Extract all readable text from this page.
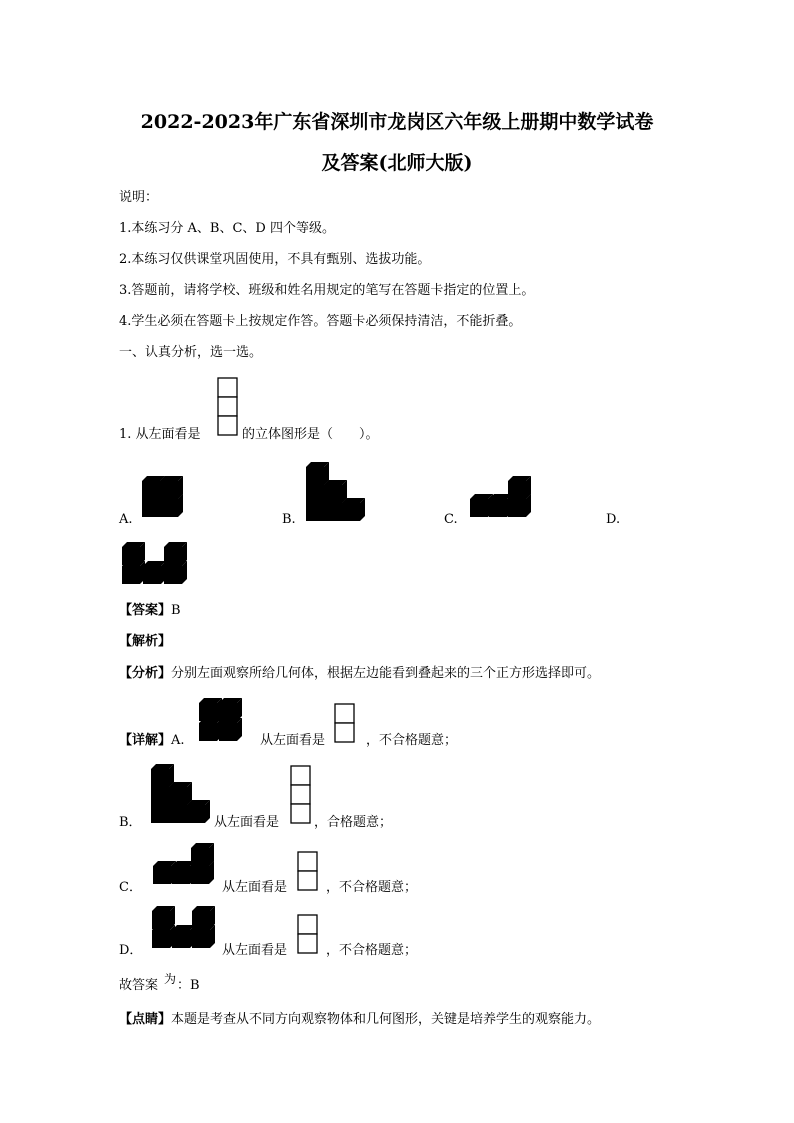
2022-2023年广东省深圳市龙岗区六年级上册期中数学试卷
及答案(北师大版)
说明：
1.本练习分 A、B、C、D 四个等级。
2.本练习仅供课堂巩固使用，不具有甄别、选拔功能。
3.答题前，请将学校、班级和姓名用规定的笔写在答题卡指定的位置上。
4.学生必须在答题卡上按规定作答。答题卡必须保持清洁，不能折叠。
一、认真分析，选一选。
1. 从左面看是	的立体图形是（　　）。
A.	B.	C.	D.
【答案】B
【解析】
【分析】分别左面观察所给几何体，根据左边能看到叠起来的三个正方形选择即可。
【详解】A.	从左面看是	，不合格题意；
B．	从左面看是	，合格题意；
C．	从左面看是	，不合格题意；
D．	从左面看是	，不合格题意；
故答案 为 ：B
【点睛】本题是考查从不同方向观察物体和几何图形，关键是培养学生的观察能力。
